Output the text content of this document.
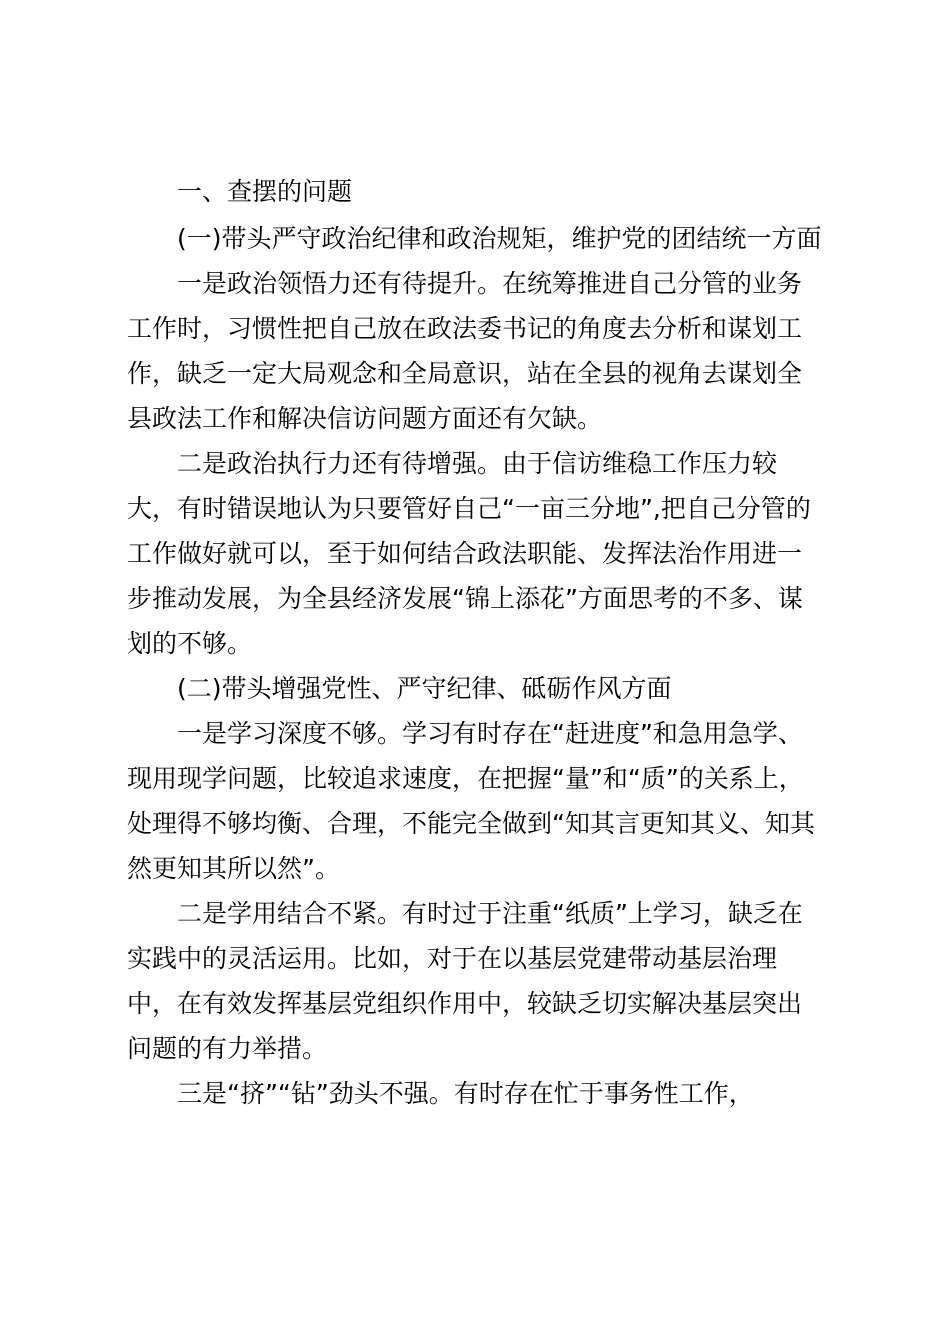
一、查摆的问题
(一)带头严守政治纪律和政治规矩，维护党的团结统一方面
一是政治领悟力还有待提升。在统筹推进自己分管的业务
工作时，习惯性把自己放在政法委书记的角度去分析和谋划工
作，缺乏一定大局观念和全局意识，站在全县的视角去谋划全
县政法工作和解决信访问题方面还有欠缺。
二是政治执行力还有待增强。由于信访维稳工作压力较
大，有时错误地认为只要管好自己“一亩三分地”,把自己分管的
工作做好就可以，至于如何结合政法职能、发挥法治作用进一
步推动发展，为全县经济发展“锦上添花”方面思考的不多、谋
划的不够。
(二)带头增强党性、严守纪律、砥砺作风方面
一是学习深度不够。学习有时存在“赶进度”和急用急学、
现用现学问题，比较追求速度，在把握“量”和“质”的关系上，
处理得不够均衡、合理，不能完全做到“知其言更知其义、知其
然更知其所以然”。
二是学用结合不紧。有时过于注重“纸质”上学习，缺乏在
实践中的灵活运用。比如，对于在以基层党建带动基层治理
中，在有效发挥基层党组织作用中，较缺乏切实解决基层突出
问题的有力举措。
三是“挤”“钻”劲头不强。有时存在忙于事务性工作，
